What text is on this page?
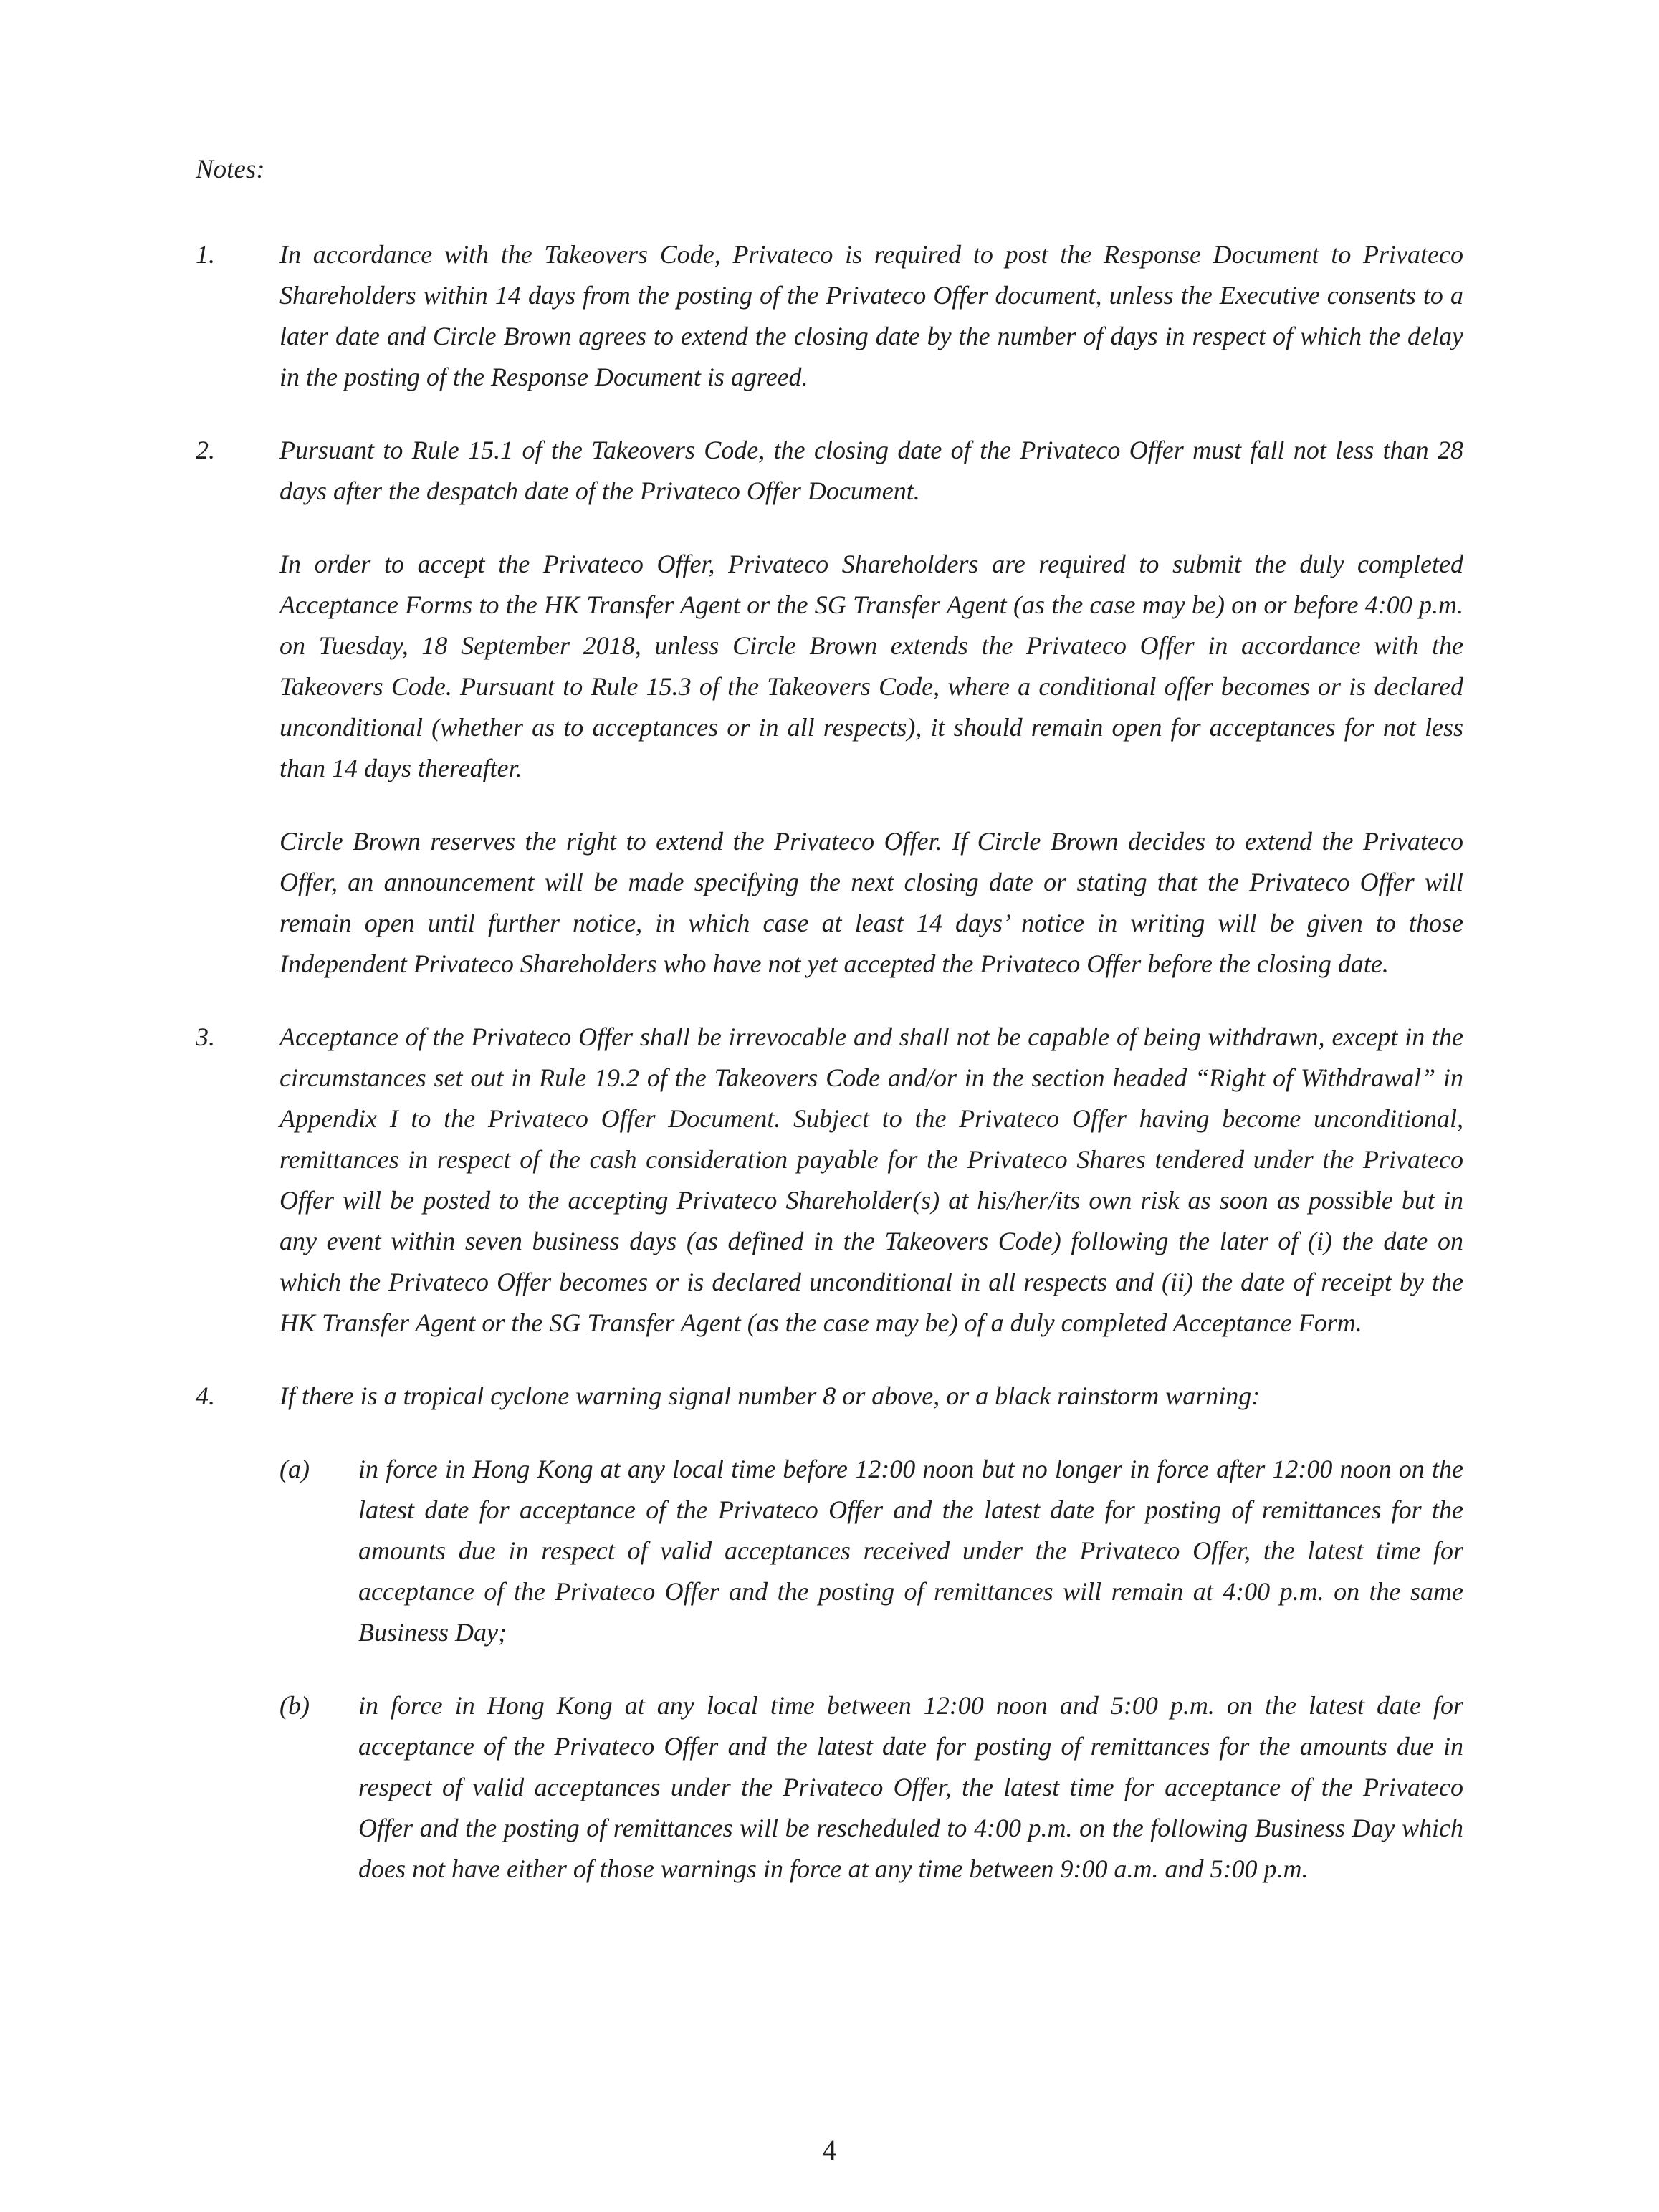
Notes:

1.	In accordance with the Takeovers Code, Privateco is required to post the Response Document to Privateco Shareholders within 14 days from the posting of the Privateco Offer document, unless the Executive consents to a later date and Circle Brown agrees to extend the closing date by the number of days in respect of which the delay in the posting of the Response Document is agreed.

2.	Pursuant to Rule 15.1 of the Takeovers Code, the closing date of the Privateco Offer must fall not less than 28 days after the despatch date of the Privateco Offer Document.

In order to accept the Privateco Offer, Privateco Shareholders are required to submit the duly completed Acceptance Forms to the HK Transfer Agent or the SG Transfer Agent (as the case may be) on or before 4:00 p.m. on Tuesday, 18 September 2018, unless Circle Brown extends the Privateco Offer in accordance with the Takeovers Code. Pursuant to Rule 15.3 of the Takeovers Code, where a conditional offer becomes or is declared unconditional (whether as to acceptances or in all respects), it should remain open for acceptances for not less than 14 days thereafter.

Circle Brown reserves the right to extend the Privateco Offer. If Circle Brown decides to extend the Privateco Offer, an announcement will be made specifying the next closing date or stating that the Privateco Offer will remain open until further notice, in which case at least 14 days’ notice in writing will be given to those Independent Privateco Shareholders who have not yet accepted the Privateco Offer before the closing date.

3.	Acceptance of the Privateco Offer shall be irrevocable and shall not be capable of being withdrawn, except in the circumstances set out in Rule 19.2 of the Takeovers Code and/or in the section headed “Right of Withdrawal” in Appendix I to the Privateco Offer Document. Subject to the Privateco Offer having become unconditional, remittances in respect of the cash consideration payable for the Privateco Shares tendered under the Privateco Offer will be posted to the accepting Privateco Shareholder(s) at his/her/its own risk as soon as possible but in any event within seven business days (as defined in the Takeovers Code) following the later of (i) the date on which the Privateco Offer becomes or is declared unconditional in all respects and (ii) the date of receipt by the HK Transfer Agent or the SG Transfer Agent (as the case may be) of a duly completed Acceptance Form.

4.	If there is a tropical cyclone warning signal number 8 or above, or a black rainstorm warning:

(a)	in force in Hong Kong at any local time before 12:00 noon but no longer in force after 12:00 noon on the latest date for acceptance of the Privateco Offer and the latest date for posting of remittances for the amounts due in respect of valid acceptances received under the Privateco Offer, the latest time for acceptance of the Privateco Offer and the posting of remittances will remain at 4:00 p.m. on the same Business Day;
(b)	in force in Hong Kong at any local time between 12:00 noon and 5:00 p.m. on the latest date for acceptance of the Privateco Offer and the latest date for posting of remittances for the amounts due in respect of valid acceptances under the Privateco Offer, the latest time for acceptance of the Privateco Offer and the posting of remittances will be rescheduled to 4:00 p.m. on the following Business Day which does not have either of those warnings in force at any time between 9:00 a.m. and 5:00 p.m.
4
